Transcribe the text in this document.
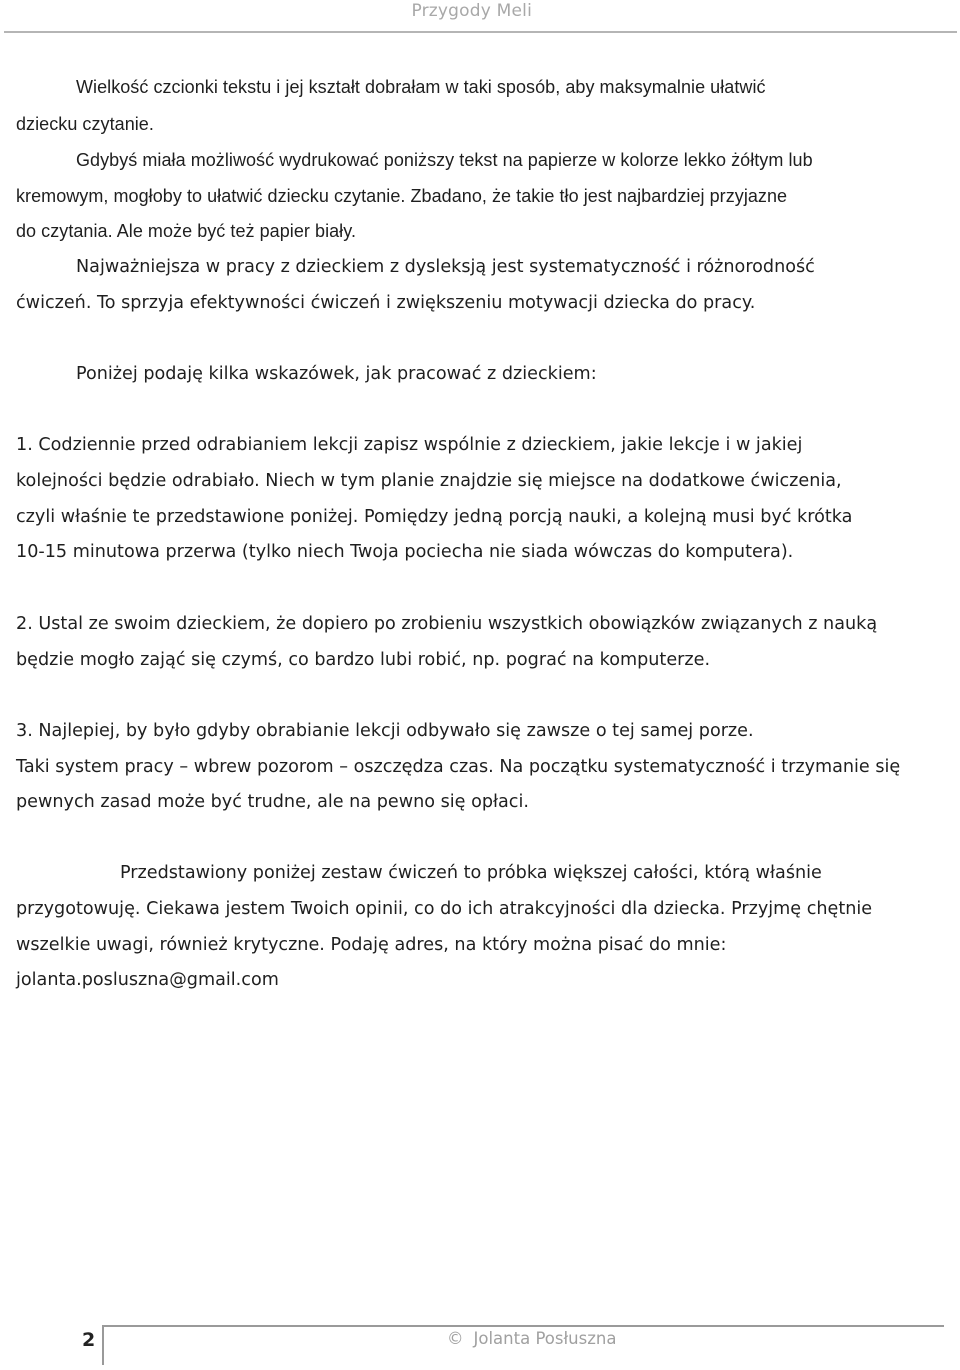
Przygody Meli
Wielkość czcionki tekstu i jej kształt dobrałam w taki sposób, aby maksymalnie ułatwić
dziecku czytanie.
Gdybyś miała możliwość wydrukować poniższy tekst na papierze w kolorze lekko żółtym lub
kremowym, mogłoby to ułatwić dziecku czytanie. Zbadano, że takie tło jest najbardziej przyjazne
do czytania. Ale może być też papier biały.
Najważniejsza w pracy z dzieckiem z dysleksją jest systematyczność i różnorodność
ćwiczeń. To sprzyja efektywności ćwiczeń i zwiększeniu motywacji dziecka do pracy.
Poniżej podaję kilka wskazówek, jak pracować z dzieckiem:
1. Codziennie przed odrabianiem lekcji zapisz wspólnie z dzieckiem, jakie lekcje i w jakiej
kolejności będzie odrabiało. Niech w tym planie znajdzie się miejsce na dodatkowe ćwiczenia,
czyli właśnie te przedstawione poniżej. Pomiędzy jedną porcją nauki, a kolejną musi być krótka
10-15 minutowa przerwa (tylko niech Twoja pociecha nie siada wówczas do komputera).
2. Ustal ze swoim dzieckiem, że dopiero po zrobieniu wszystkich obowiązków związanych z nauką
będzie mogło zająć się czymś, co bardzo lubi robić, np. pograć na komputerze.
3. Najlepiej, by było gdyby obrabianie lekcji odbywało się zawsze o tej samej porze.
Taki system pracy – wbrew pozorom – oszczędza czas. Na początku systematyczność i trzymanie się
pewnych zasad może być trudne, ale na pewno się opłaci.
Przedstawiony poniżej zestaw ćwiczeń to próbka większej całości, którą właśnie
przygotowuję. Ciekawa jestem Twoich opinii, co do ich atrakcyjności dla dziecka. Przyjmę chętnie
wszelkie uwagi, również krytyczne. Podaję adres, na który można pisać do mnie:
jolanta.posluszna@gmail.com
2	© Jolanta Posłuszna
